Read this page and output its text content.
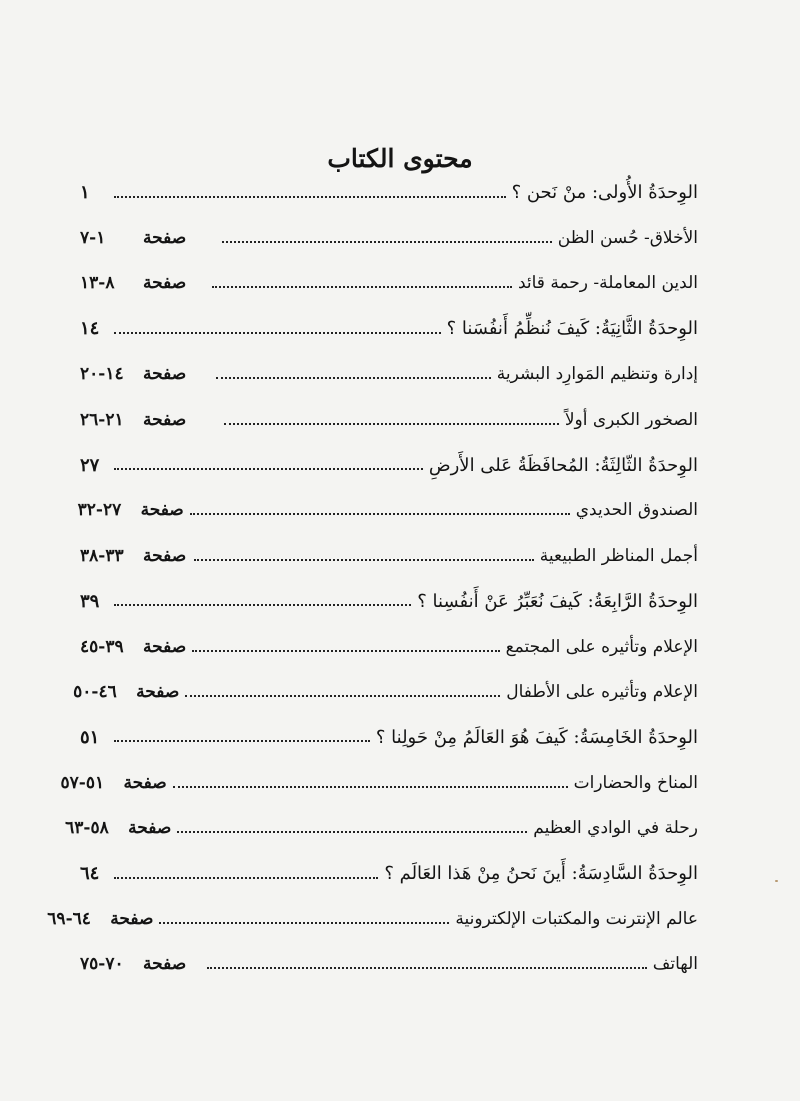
محتوى الكتاب
الوِحدَةُ الأُولى: منْ نَحن ؟
١
الأخلاق- حُسن الظن
صفحة
١-٧
الدين المعاملة- رحمة قائد
صفحة
٨-١٣
الوِحدَةُ الثَّانِيَةُ: كَيفَ نُنظِّمُ أَنفُسَنا ؟
١٤
إدارة وتنظيم المَوارِد البشرية
صفحة
١٤-٢٠
الصخور الكبرى أولاً
صفحة
٢١-٢٦
الوِحدَةُ الثّالِثَةُ: المُحافَظَةُ عَلى الأَرضِ
٢٧
الصندوق الحديدي
صفحة
٢٧-٣٢
أجمل المناظر الطبيعية
صفحة
٣٣-٣٨
الوِحدَةُ الرَّابِعَةُ: كَيفَ نُعَبِّرُ عَنْ أَنفُسِنا ؟
٣٩
الإعلام وتأثيره على المجتمع
صفحة
٣٩-٤٥
الإعلام وتأثيره على الأطفال
صفحة
٤٦-٥٠
الوِحدَةُ الخَامِسَةُ: كَيفَ هُوَ العَالَمُ مِنْ حَولِنا ؟
٥١
المناخ والحضارات
صفحة
٥١-٥٧
رحلة في الوادي العظيم
صفحة
٥٨-٦٣
الوِحدَةُ السَّادِسَةُ: أَينَ نَحنُ مِنْ هَذا العَالَم ؟
٦٤
عالم الإنترنت والمكتبات الإلكترونية
صفحة
٦٤-٦٩
الهاتف
صفحة
٧٠-٧٥
